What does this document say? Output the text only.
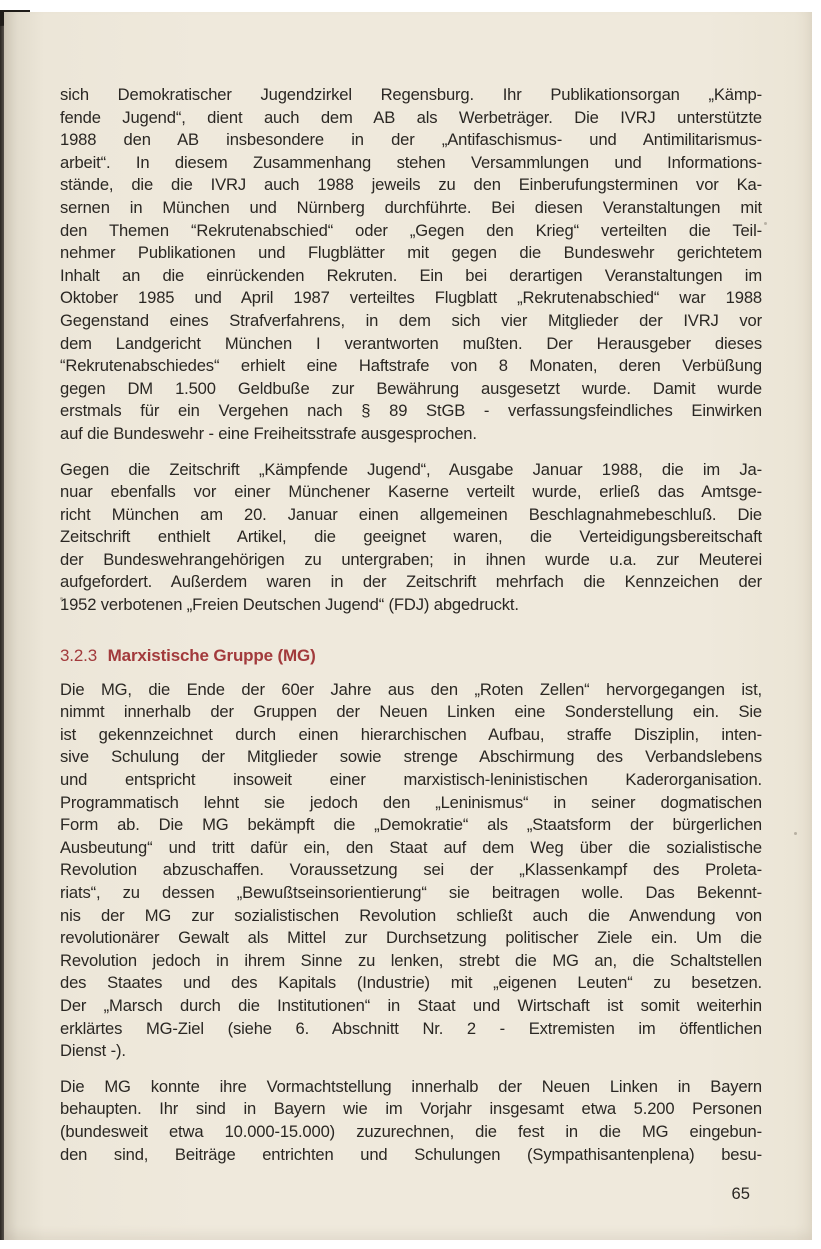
sich Demokratischer Jugendzirkel Regensburg. Ihr Publikationsorgan „Kämp-
fende Jugend“, dient auch dem AB als Werbeträger. Die IVRJ unterstützte
1988 den AB insbesondere in der „Antifaschismus- und Antimilitarismus-
arbeit“. In diesem Zusammenhang stehen Versammlungen und Informations-
stände, die die IVRJ auch 1988 jeweils zu den Einberufungsterminen vor Ka-
sernen in München und Nürnberg durchführte. Bei diesen Veranstaltungen mit
den Themen “Rekrutenabschied“ oder „Gegen den Krieg“ verteilten die Teil-
nehmer Publikationen und Flugblätter mit gegen die Bundeswehr gerichtetem
Inhalt an die einrückenden Rekruten. Ein bei derartigen Veranstaltungen im
Oktober 1985 und April 1987 verteiltes Flugblatt „Rekrutenabschied“ war 1988
Gegenstand eines Strafverfahrens, in dem sich vier Mitglieder der IVRJ vor
dem Landgericht München I verantworten mußten. Der Herausgeber dieses
“Rekrutenabschiedes“ erhielt eine Haftstrafe von 8 Monaten, deren Verbüßung
gegen DM 1.500 Geldbuße zur Bewährung ausgesetzt wurde. Damit wurde
erstmals für ein Vergehen nach § 89 StGB - verfassungsfeindliches Einwirken
auf die Bundeswehr - eine Freiheitsstrafe ausgesprochen.
Gegen die Zeitschrift „Kämpfende Jugend“, Ausgabe Januar 1988, die im Ja-
nuar ebenfalls vor einer Münchener Kaserne verteilt wurde, erließ das Amtsge-
richt München am 20. Januar einen allgemeinen Beschlagnahmebeschluß. Die
Zeitschrift enthielt Artikel, die geeignet waren, die Verteidigungsbereitschaft
der Bundeswehrangehörigen zu untergraben; in ihnen wurde u.a. zur Meuterei
aufgefordert. Außerdem waren in der Zeitschrift mehrfach die Kennzeichen der
1952 verbotenen „Freien Deutschen Jugend“ (FDJ) abgedruckt.
3.2.3 Marxistische Gruppe (MG)
Die MG, die Ende der 60er Jahre aus den „Roten Zellen“ hervorgegangen ist,
nimmt innerhalb der Gruppen der Neuen Linken eine Sonderstellung ein. Sie
ist gekennzeichnet durch einen hierarchischen Aufbau, straffe Disziplin, inten-
sive Schulung der Mitglieder sowie strenge Abschirmung des Verbandslebens
und entspricht insoweit einer marxistisch-leninistischen Kaderorganisation.
Programmatisch lehnt sie jedoch den „Leninismus“ in seiner dogmatischen
Form ab. Die MG bekämpft die „Demokratie“ als „Staatsform der bürgerlichen
Ausbeutung“ und tritt dafür ein, den Staat auf dem Weg über die sozialistische
Revolution abzuschaffen. Voraussetzung sei der „Klassenkampf des Proleta-
riats“, zu dessen „Bewußtseinsorientierung“ sie beitragen wolle. Das Bekennt-
nis der MG zur sozialistischen Revolution schließt auch die Anwendung von
revolutionärer Gewalt als Mittel zur Durchsetzung politischer Ziele ein. Um die
Revolution jedoch in ihrem Sinne zu lenken, strebt die MG an, die Schaltstellen
des Staates und des Kapitals (Industrie) mit „eigenen Leuten“ zu besetzen.
Der „Marsch durch die Institutionen“ in Staat und Wirtschaft ist somit weiterhin
erklärtes MG-Ziel (siehe 6. Abschnitt Nr. 2 - Extremisten im öffentlichen
Dienst -).
Die MG konnte ihre Vormachtstellung innerhalb der Neuen Linken in Bayern
behaupten. Ihr sind in Bayern wie im Vorjahr insgesamt etwa 5.200 Personen
(bundesweit etwa 10.000-15.000) zuzurechnen, die fest in die MG eingebun-
den sind, Beiträge entrichten und Schulungen (Sympathisantenplena) besu-
65
